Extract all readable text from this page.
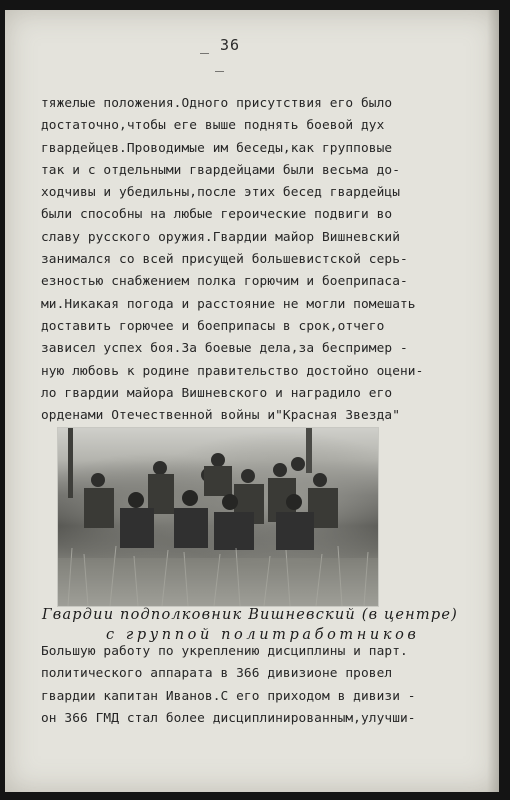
_ 36 _
тяжелые положения.Одного присутствия его было
достаточно,чтобы еге выше поднять боевой дух
гвардейцев.Проводимые им беседы,как групповые
так и с отдельными гвардейцами были весьма до-
ходчивы и убедильны,после этих бесед гвардейцы
были способны на любые героические подвиги во
славу русского оружия.Гвардии майор Вишневский
занимался со всей присущей большевистской серь-
езностью снабжением полка горючим и боеприпаса-
ми.Никакая погода и расстояние не могли помешать
доставить горючее и боеприпасы в срок,отчего
зависел успех боя.За боевые дела,за беспример -
ную любовь к родине правительство достойно оцени-
ло гвардии майора Вишневского и наградило его
орденами Отечественной войны и"Красная Звезда"
Гвардии подполковник Вишневский (в центре)
с группой политработников
Большую работу по укреплению дисциплины и парт.
политического аппарата в 366 дивизионе провел
гвардии капитан Иванов.С его приходом в дивизи -
он 366 ГМД стал более дисциплинированным,улучши-
